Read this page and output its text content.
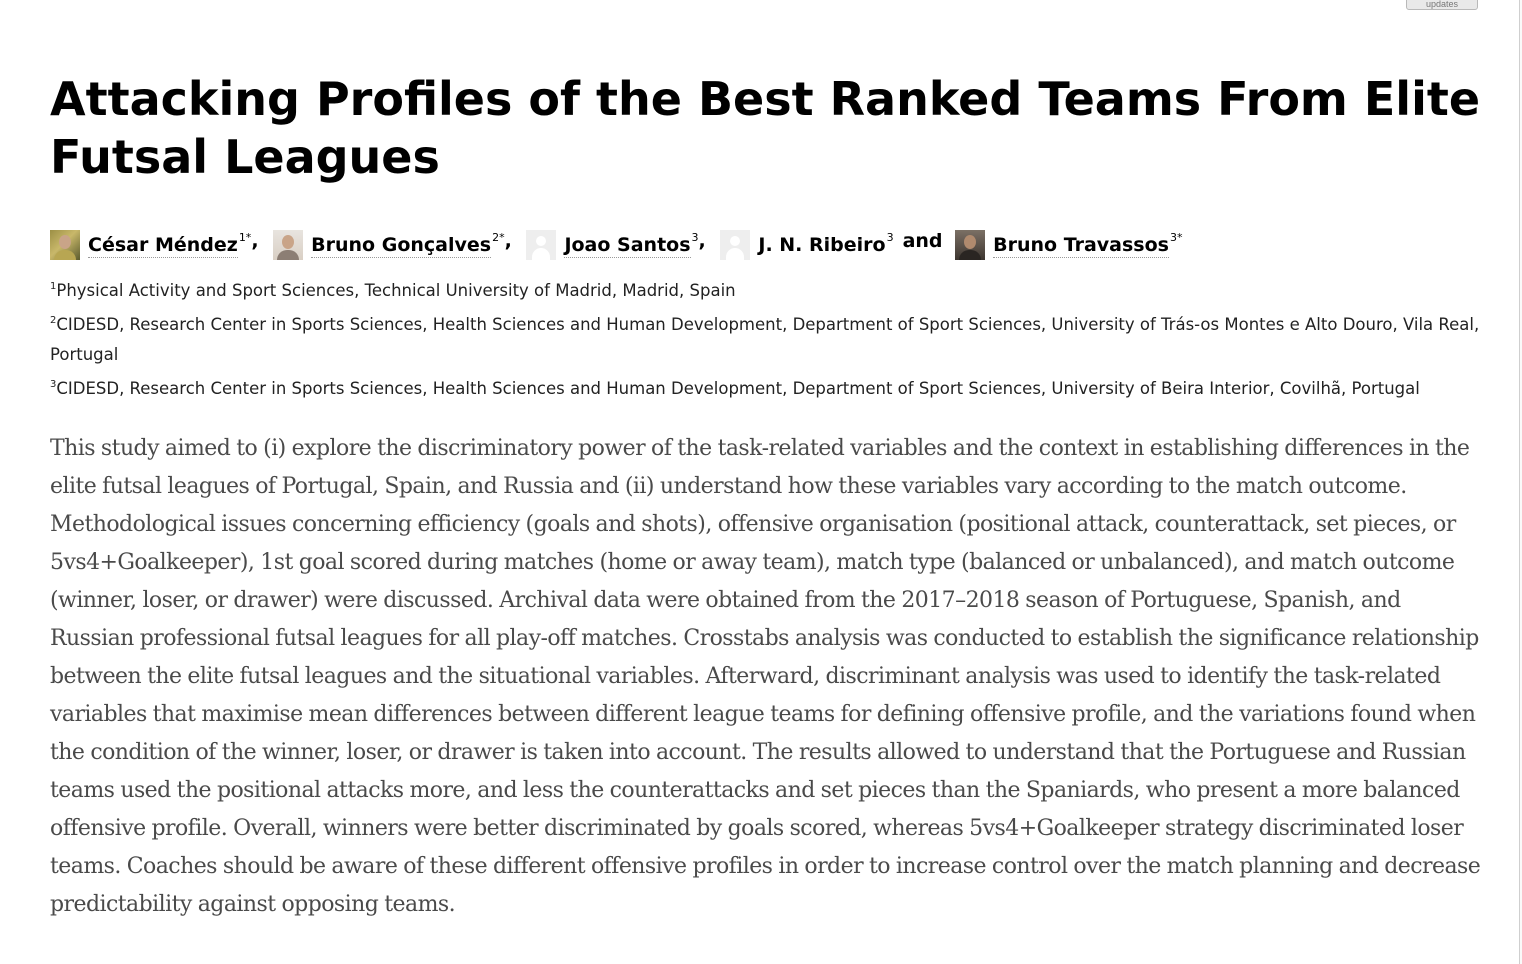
updates
Attacking Profiles of the Best Ranked Teams From Elite Futsal Leagues
César Méndez$^{1*}$,	Bruno Gonçalves$^{2*}$,	Joao Santos$^3$,	J. N. Ribeiro$^3$ and	Bruno Travassos$^{3*}$

$^1$Physical Activity and Sport Sciences, Technical University of Madrid, Madrid, Spain

$^2$CIDESD, Research Center in Sports Sciences, Health Sciences and Human Development, Department of Sport Sciences, University of Trás-os Montes e Alto Douro, Vila Real, Portugal

$^3$CIDESD, Research Center in Sports Sciences, Health Sciences and Human Development, Department of Sport Sciences, University of Beira Interior, Covilhã, Portugal

This study aimed to (i) explore the discriminatory power of the task-related variables and the context in establishing differences in the elite futsal leagues of Portugal, Spain, and Russia and (ii) understand how these variables vary according to the match outcome. Methodological issues concerning efficiency (goals and shots), offensive organisation (positional attack, counterattack, set pieces, or 5vs4+Goalkeeper), 1st goal scored during matches (home or away team), match type (balanced or unbalanced), and match outcome (winner, loser, or drawer) were discussed. Archival data were obtained from the 2017–2018 season of Portuguese, Spanish, and Russian professional futsal leagues for all play-off matches. Crosstabs analysis was conducted to establish the significance relationship between the elite futsal leagues and the situational variables. Afterward, discriminant analysis was used to identify the task-related variables that maximise mean differences between different league teams for defining offensive profile, and the variations found when the condition of the winner, loser, or drawer is taken into account. The results allowed to understand that the Portuguese and Russian teams used the positional attacks more, and less the counterattacks and set pieces than the Spaniards, who present a more balanced offensive profile. Overall, winners were better discriminated by goals scored, whereas 5vs4+Goalkeeper strategy discriminated loser teams. Coaches should be aware of these different offensive profiles in order to increase control over the match planning and decrease predictability against opposing teams.
